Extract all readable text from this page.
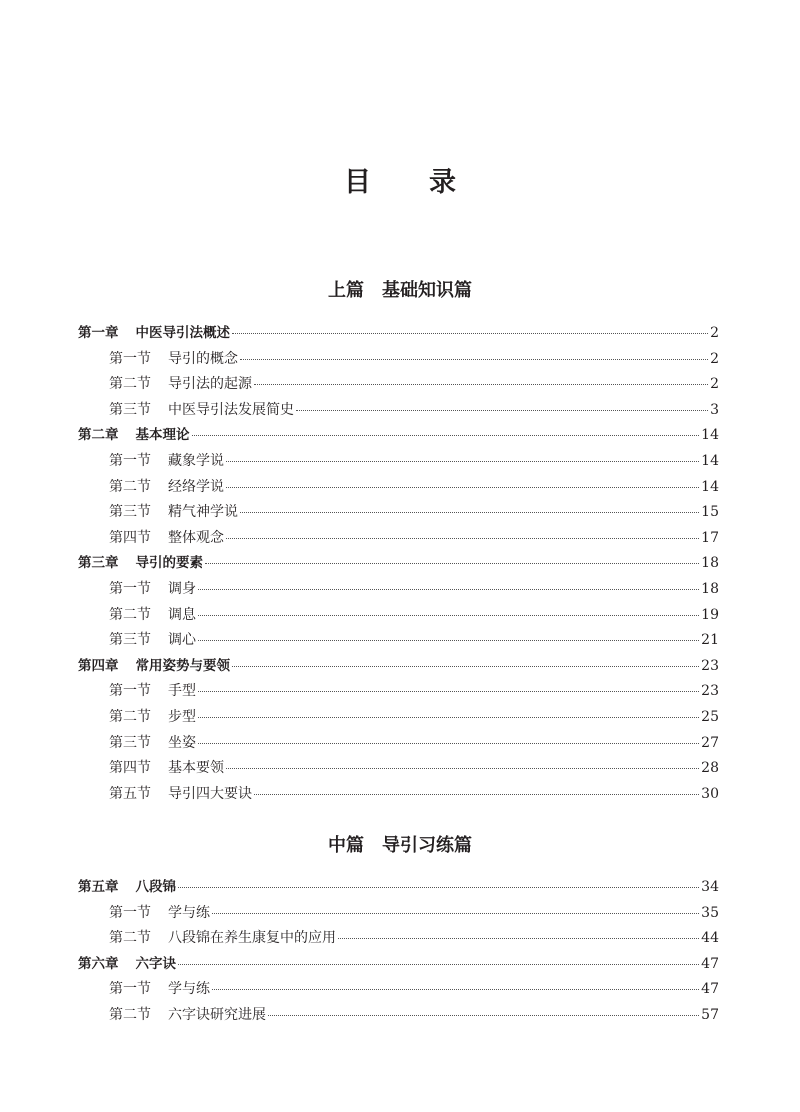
目 录
上篇 基础知识篇
第一章 中医导引法概述	2
第一节 导引的概念	2
第二节 导引法的起源	2
第三节 中医导引法发展简史	3
第二章 基本理论	14
第一节 藏象学说	14
第二节 经络学说	14
第三节 精气神学说	15
第四节 整体观念	17
第三章 导引的要素	18
第一节 调身	18
第二节 调息	19
第三节 调心	21
第四章 常用姿势与要领	23
第一节 手型	23
第二节 步型	25
第三节 坐姿	27
第四节 基本要领	28
第五节 导引四大要诀	30
中篇 导引习练篇
第五章 八段锦	34
第一节 学与练	35
第二节 八段锦在养生康复中的应用	44
第六章 六字诀	47
第一节 学与练	47
第二节 六字诀研究进展	57
